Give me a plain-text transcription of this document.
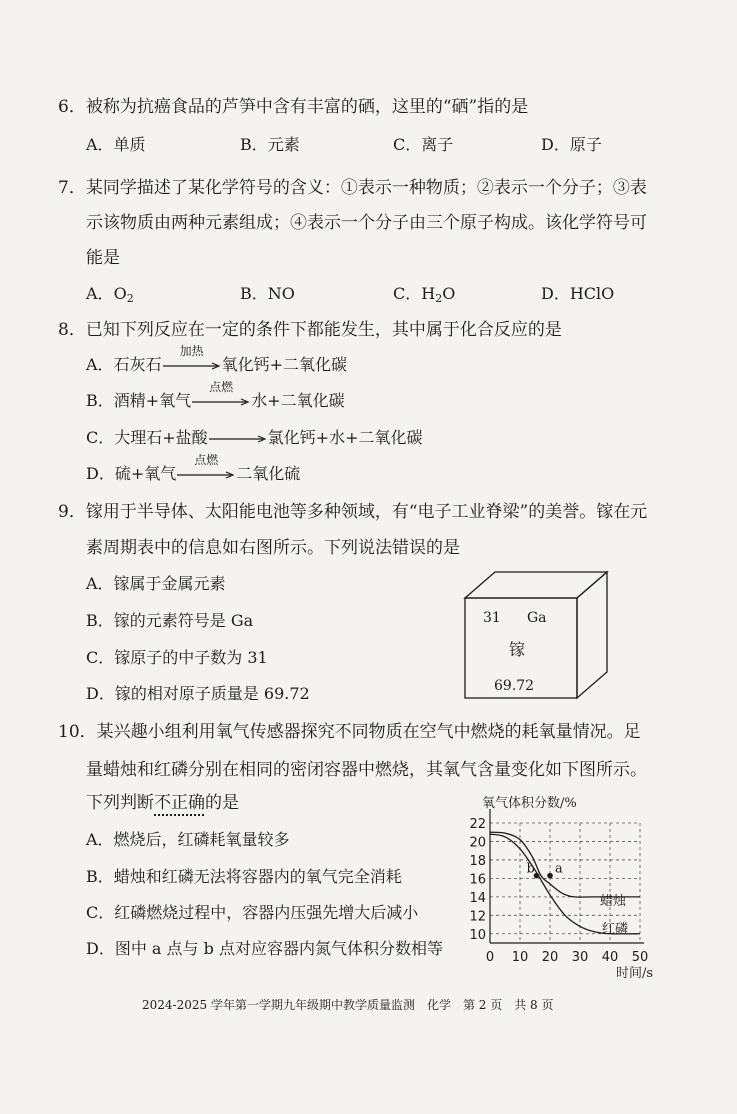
6．被称为抗癌食品的芦笋中含有丰富的硒，这里的“硒”指的是
A．单质	B．元素	C．离子	D．原子
7．某同学描述了某化学符号的含义：①表示一种物质；②表示一个分子；③表
示该物质由两种元素组成；④表示一个分子由三个原子构成。该化学符号可
能是
A．$O_2$	B．NO	C．$H_2O$	D．HClO
8．已知下列反应在一定的条件下都能发生，其中属于化合反应的是
A．石灰石
加热
氧化钙+二氧化碳
B．酒精+氧气
点燃
水+二氧化碳
C．大理石+盐酸→氯化钙+水+二氧化碳
D．硫+氧气
点燃
二氧化硫
9．镓用于半导体、太阳能电池等多种领域，有“电子工业脊梁”的美誉。镓在元
素周期表中的信息如右图所示。下列说法错误的是
A．镓属于金属元素
B．镓的元素符号是 Ga
C．镓原子的中子数为 31
D．镓的相对原子质量是 69.72
31 Ga
镓
69.72
10．某兴趣小组利用氧气传感器探究不同物质在空气中燃烧的耗氧量情况。足
量蜡烛和红磷分别在相同的密闭容器中燃烧，其氧气含量变化如下图所示。
下列判断不正确的是
A．燃烧后，红磷耗氧量较多
B．蜡烛和红磷无法将容器内的氧气完全消耗
C．红磷燃烧过程中，容器内压强先增大后减小
D．图中 a 点与 b 点对应容器内氮气体积分数相等
10
12
14
16
18
20
22
0 10 20 30 40 50
氧气体积分数/%
时间/s
蜡烛
红磷
b a
2024-2025 学年第一学期九年级期中教学质量监测　化学　第 2 页　共 8 页
